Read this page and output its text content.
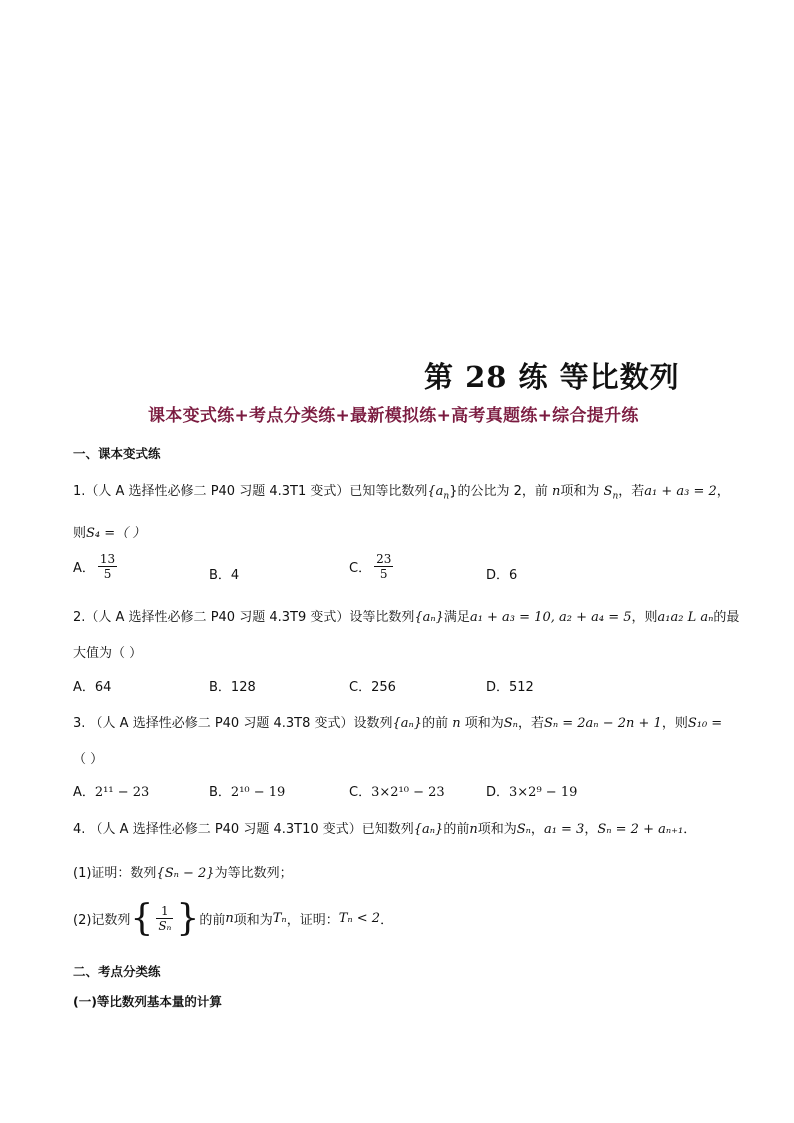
第 28 练 等比数列
课本变式练+考点分类练+最新模拟练+高考真题练+综合提升练
一、课本变式练
1.（人 A 选择性必修二 P40 习题 4.3T1 变式）已知等比数列$\{a_n\}$的公比为 2，前 n项和为 $S_n$，若a₁ + a₃ = 2，
则S₄ =（ ）
A． $\frac{13}{5}$	B．4	C． $\frac{23}{5}$	D．6
2.（人 A 选择性必修二 P40 习题 4.3T9 变式）设等比数列{aₙ}满足a₁ + a₃ = 10, a₂ + a₄ = 5，则a₁a₂ L aₙ的最
大值为（ ）
A．64	B．128	C．256	D．512
3. （人 A 选择性必修二 P40 习题 4.3T8 变式）设数列{aₙ}的前 n 项和为Sₙ，若Sₙ = 2aₙ − 2n + 1，则S₁₀ =
（ ）
A．2¹¹ − 23	B．2¹⁰ − 19	C．3×2¹⁰ − 23	D．3×2⁹ − 19
4. （人 A 选择性必修二 P40 习题 4.3T10 变式）已知数列{aₙ}的前n项和为Sₙ，a₁ = 3，Sₙ = 2 + aₙ₊₁．
(1)证明：数列{Sₙ − 2}为等比数列；
(2)记数列{ $\frac{1}{\text{Sₙ}}$ }的前n项和为Tₙ，证明：Tₙ < 2．
二、考点分类练
(一)等比数列基本量的计算
